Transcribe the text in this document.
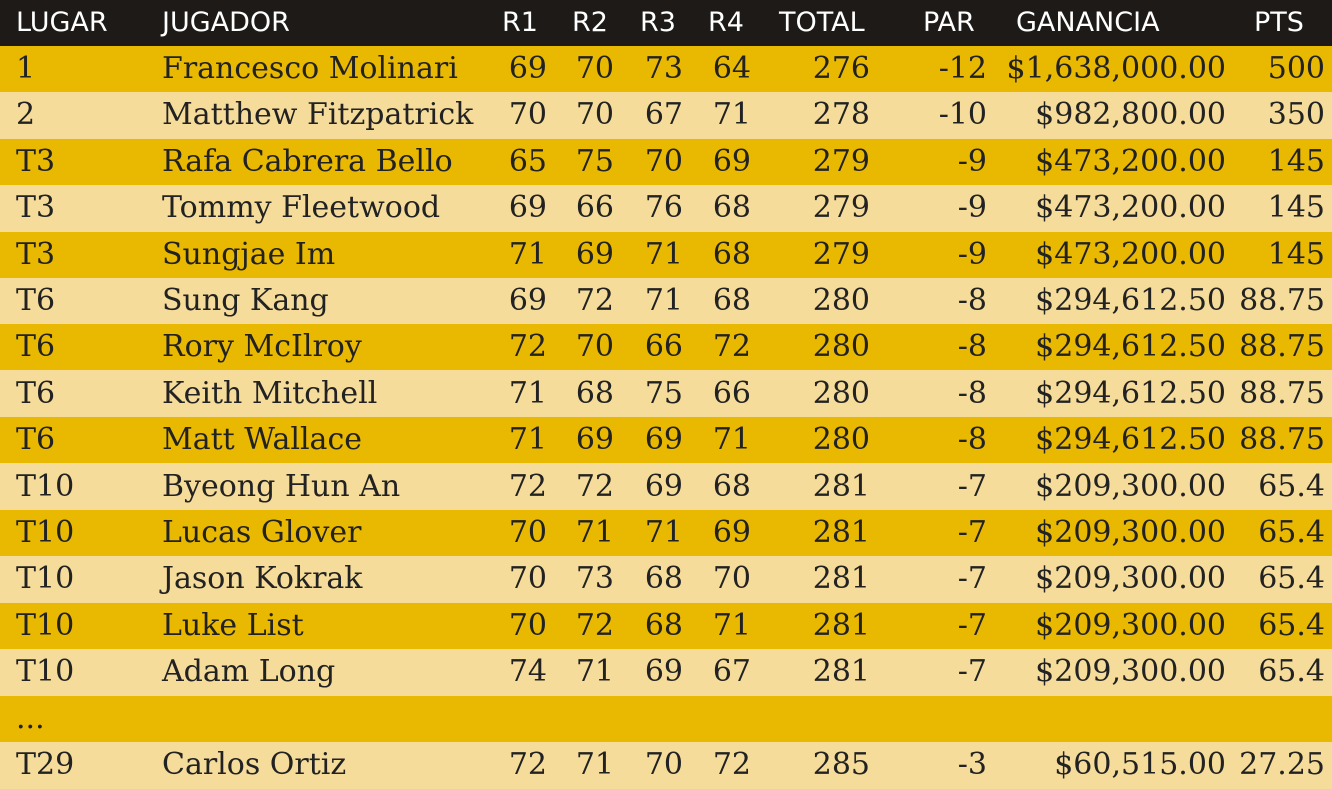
LUGAR JUGADOR	R1 R2 R3 R4 TOTAL PAR GANANCIA	PTS
1	Francesco Molinari 69 70 73 64 276 -12 $1,638,000.00 500
2	Matthew Fitzpatrick 70 70 67 71 278 -10 $982,800.00 350
T3	Rafa Cabrera Bello 65 75 70 69 279	-9 $473,200.00 145
T3	Tommy Fleetwood 69 66 76 68 279	-9 $473,200.00 145
T3	Sungjae Im	71 69 71 68 279	-9 $473,200.00 145
T6	Sung Kang	69 72 71 68 280	-8 $294,612.50 88.75
T6	Rory McIlroy	72 70 66 72 280	-8 $294,612.50 88.75
T6	Keith Mitchell	71 68 75 66 280	-8 $294,612.50 88.75
T6	Matt Wallace	71 69 69 71 280	-8 $294,612.50 88.75
T10	Byeong Hun An	72 72 69 68 281	-7 $209,300.00 65.4
T10	Lucas Glover	70 71 71 69 281	-7 $209,300.00 65.4
T10	Jason Kokrak	70 73 68 70 281	-7 $209,300.00 65.4
T10	Luke List	70 72 68 71 281	-7 $209,300.00 65.4
T10	Adam Long	74 71 69 67 281	-7 $209,300.00 65.4
...
T29	Carlos Ortiz	72 71 70 72 285	-3 $60,515.00 27.25
